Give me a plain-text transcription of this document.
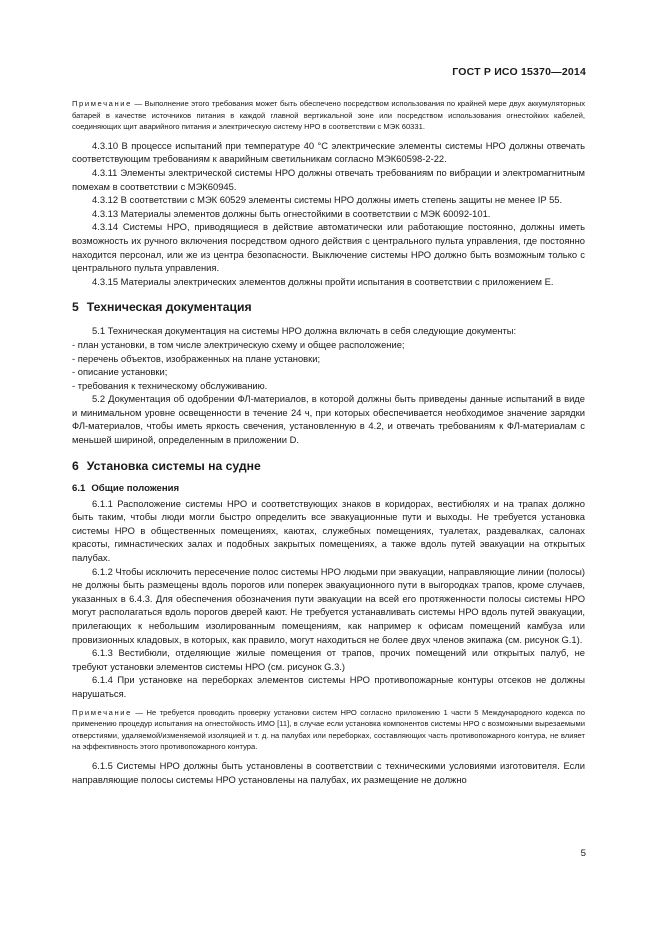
ГОСТ Р ИСО 15370—2014

Примечание — Выполнение этого требования может быть обеспечено посредством использования по крайней мере двух аккумуляторных батарей в качестве источников питания в каждой главной вертикальной зоне или посредством использования огнестойких кабелей, соединяющих щит аварийного питания и электрическую систему НРО в соответствии с МЭК 60331.

4.3.10 В процессе испытаний при температуре 40 °C электрические элементы системы НРО должны отвечать соответствующим требованиям к аварийным светильникам согласно МЭК60598-2-22.

4.3.11 Элементы электрической системы НРО должны отвечать требованиям по вибрации и электромагнитным помехам в соответствии с МЭК60945.

4.3.12 В соответствии с МЭК 60529 элементы системы НРО должны иметь степень защиты не менее IP 55.

4.3.13 Материалы элементов должны быть огнестойкими в соответствии с МЭК 60092-101.

4.3.14 Системы НРО, приводящиеся в действие автоматически или работающие постоянно, должны иметь возможность их ручного включения посредством одного действия с центрального пульта управления, где постоянно находится персонал, или же из центра безопасности. Выключение системы НРО должно быть возможным только с центрального пульта управления.

4.3.15 Материалы электрических элементов должны пройти испытания в соответствии с приложением Е.

5 Техническая документация

5.1 Техническая документация на системы НРО должна включать в себя следующие документы:

- план установки, в том числе электрическую схему и общее расположение;

- перечень объектов, изображенных на плане установки;

- описание установки;

- требования к техническому обслуживанию.

5.2 Документация об одобрении ФЛ-материалов, в которой должны быть приведены данные испытаний в виде и минимальном уровне освещенности в течение 24 ч, при которых обеспечивается необходимое значение зарядки ФЛ-материалов, чтобы иметь яркость свечения, установленную в 4.2, и отвечать требованиям к ФЛ-материалам с меньшей шириной, определенным в приложении D.

6 Установка системы на судне
6.1 Общие положения

6.1.1 Расположение системы НРО и соответствующих знаков в коридорах, вестибюлях и на трапах должно быть таким, чтобы люди могли быстро определить все эвакуационные пути и выходы. Не требуется установка системы НРО в общественных помещениях, каютах, служебных помещениях, туалетах, раздевалках, салонах красоты, гимнастических залах и подобных закрытых помещениях, а также вдоль путей эвакуации на открытых палубах.

6.1.2 Чтобы исключить пересечение полос системы НРО людьми при эвакуации, направляющие линии (полосы) не должны быть размещены вдоль порогов или поперек эвакуационного пути в выгородках трапов, кроме случаев, указанных в 6.4.3. Для обеспечения обозначения пути эвакуации на всей его протяженности полосы системы НРО могут располагаться вдоль порогов дверей кают. Не требуется устанавливать системы НРО вдоль путей эвакуации, прилегающих к небольшим изолированным помещениям, как например к офисам помещений камбуза или провизионных кладовых, в которых, как правило, могут находиться не более двух членов экипажа (см. рисунок G.1).

6.1.3 Вестибюли, отделяющие жилые помещения от трапов, прочих помещений или открытых палуб, не требуют установки элементов системы НРО (см. рисунок G.3.)

6.1.4 При установке на переборках элементов системы НРО противопожарные контуры отсеков не должны нарушаться.

Примечание — Не требуется проводить проверку установки систем НРО согласно приложению 1 части 5 Международного кодекса по применению процедур испытания на огнестойкость ИМО [11], в случае если установка компонентов системы НРО с возможными вырезаемыми отверстиями, удаляемой/изменяемой изоляцией и т. д. на палубах или переборках, составляющих часть противопожарного контура, не влияет на эффективность этого противопожарного контура.

6.1.5 Системы НРО должны быть установлены в соответствии с техническими условиями изготовителя. Если направляющие полосы системы НРО установлены на палубах, их размещение не должно

5
